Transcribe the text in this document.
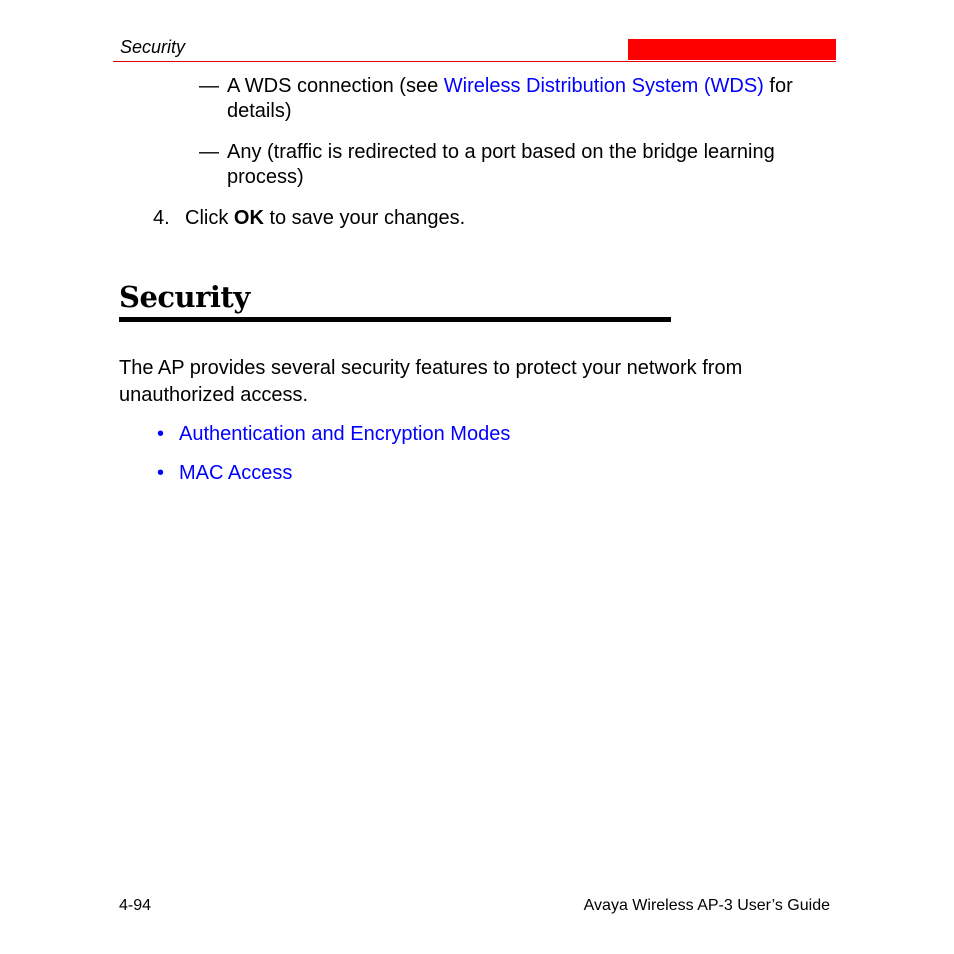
Security
— A WDS connection (see Wireless Distribution System (WDS) for details)
— Any (traffic is redirected to a port based on the bridge learning process)
4. Click OK to save your changes.
Security
The AP provides several security features to protect your network from unauthorized access.
• Authentication and Encryption Modes
• MAC Access
4-94	Avaya Wireless AP-3 User’s Guide
